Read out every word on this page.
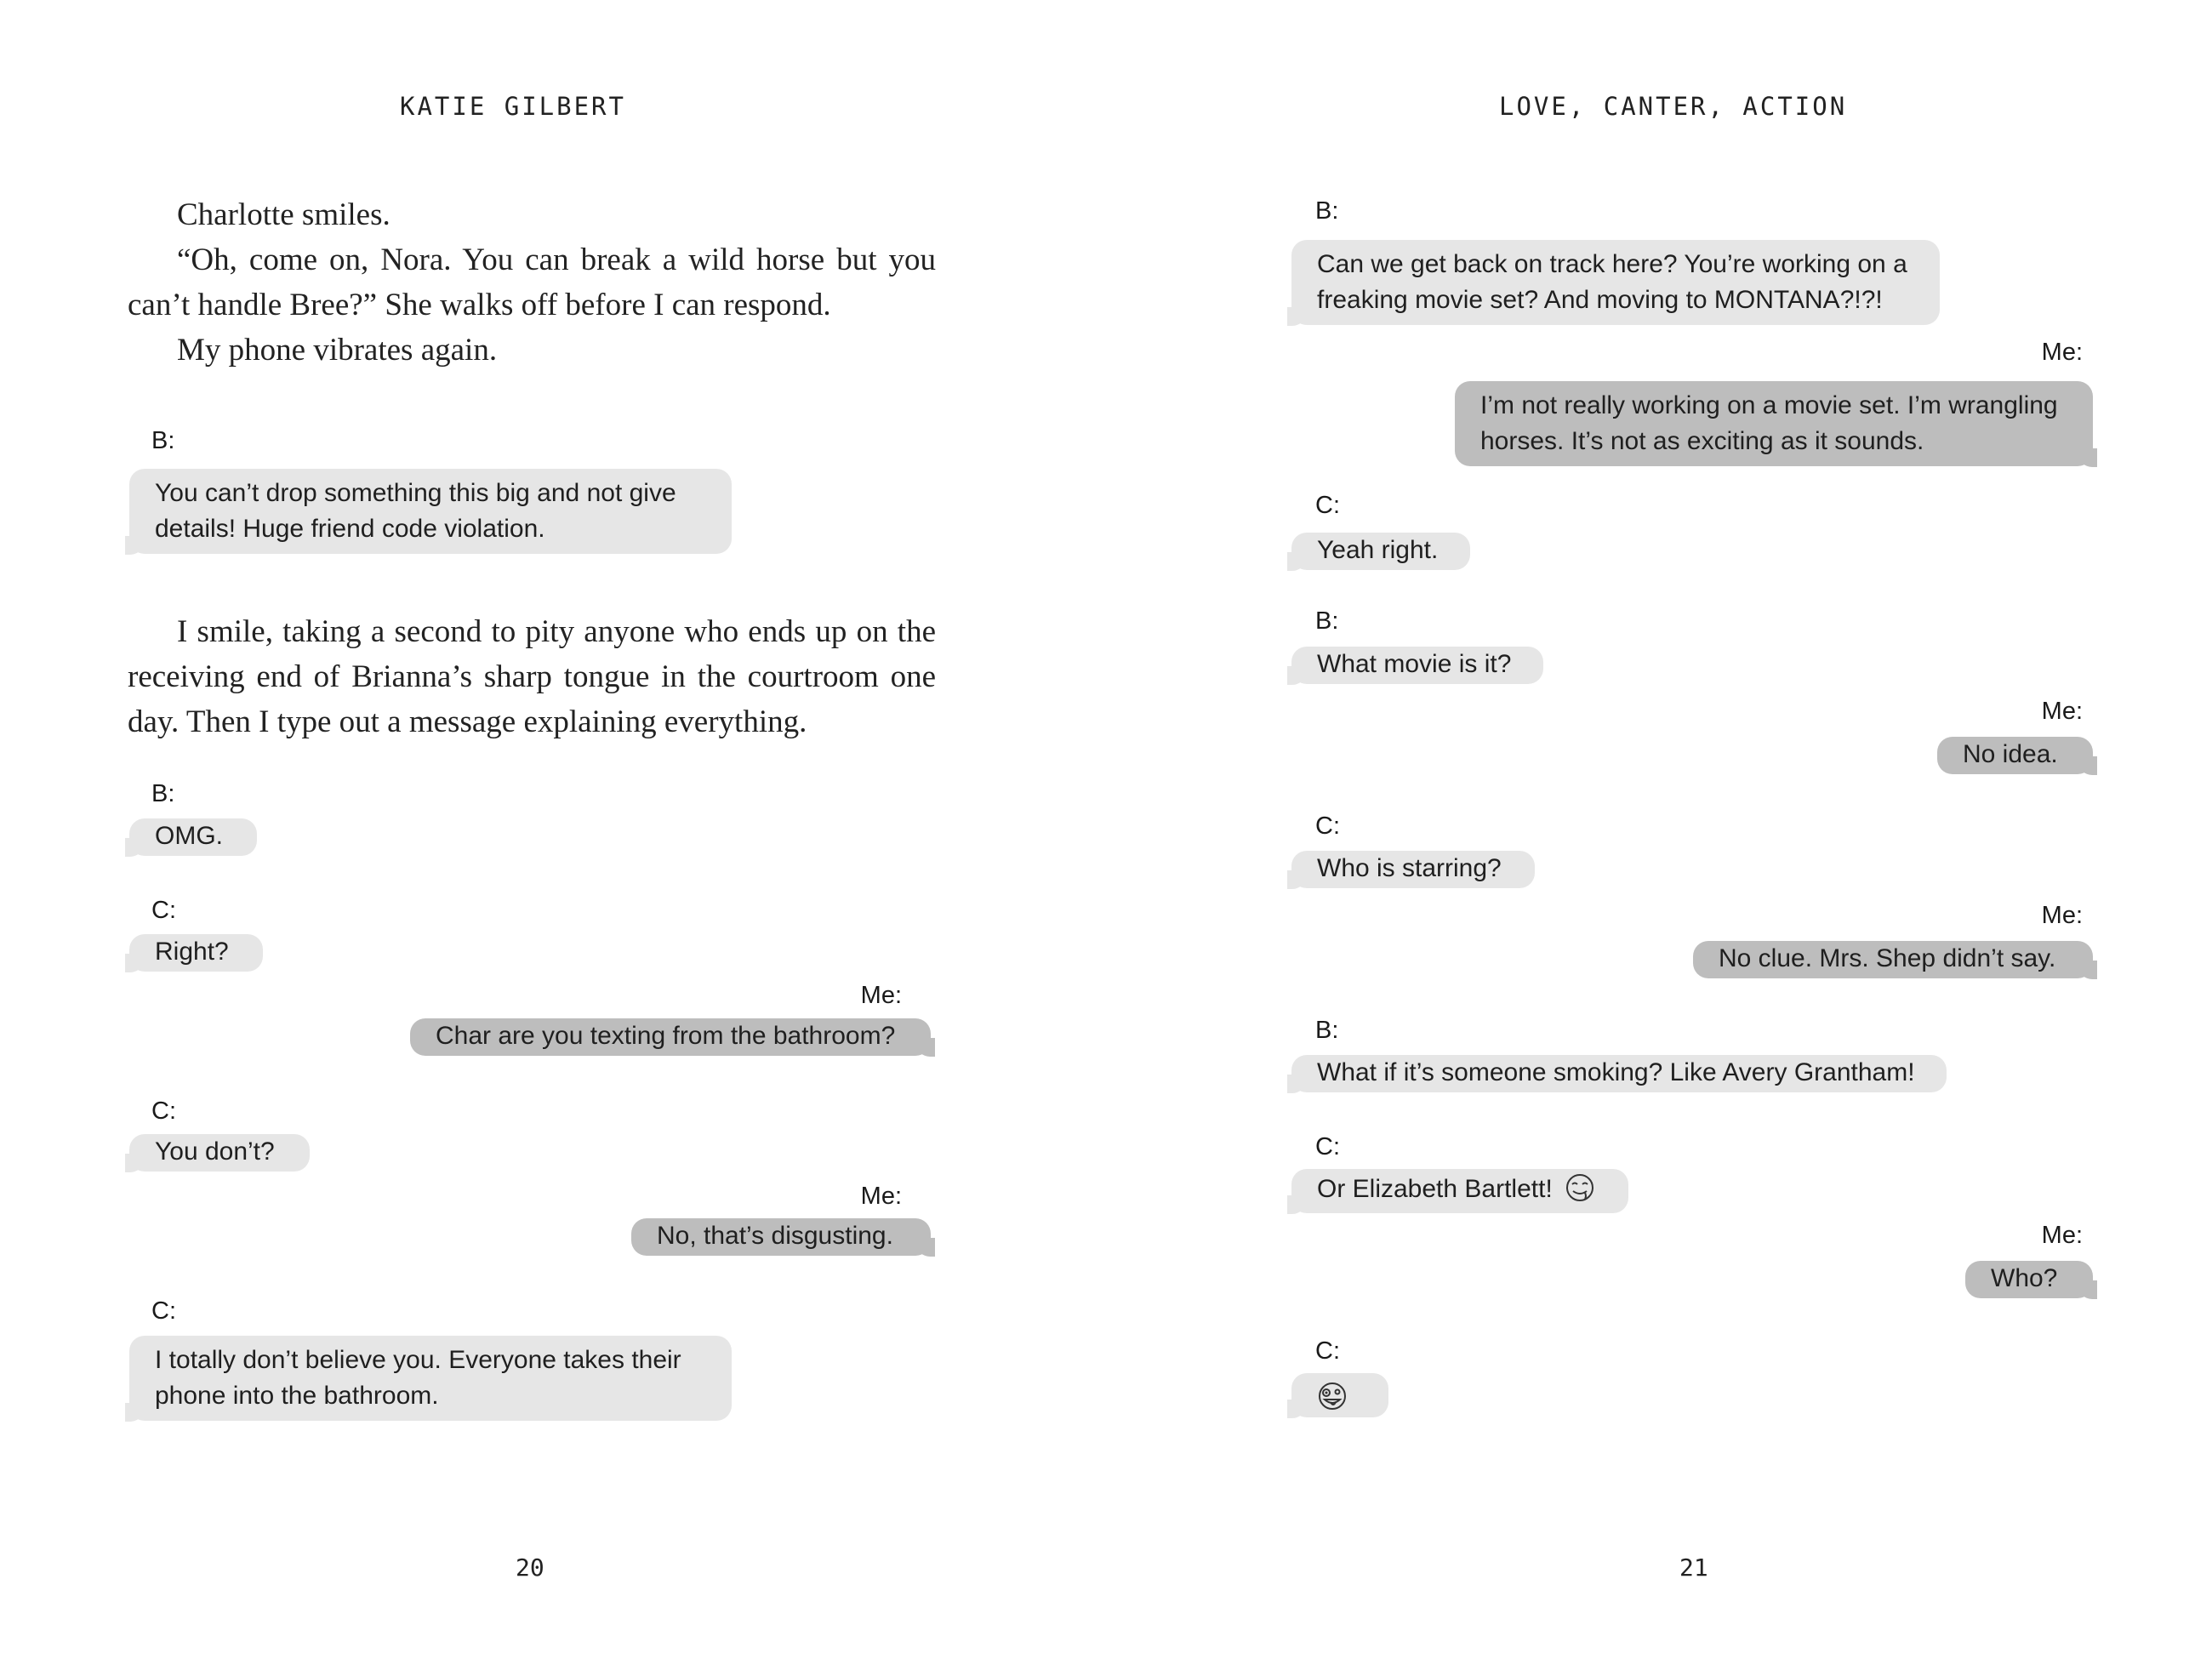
KATIE GILBERT

Charlotte smiles.

“Oh, come on, Nora. You can break a wild horse but you can’t handle Bree?” She walks off before I can respond.

My phone vibrates again.

B:
You can’t drop something this big and not give details! Huge friend code violation.

I smile, taking a second to pity anyone who ends up on the receiving end of Brianna’s sharp tongue in the courtroom one day. Then I type out a message explaining everything.

B:
OMG.
C:
Right?
Me:
Char are you texting from the bathroom?
C:
You don’t?
Me:
No, that’s disgusting.
C:
I totally don’t believe you. Everyone takes their phone into the bathroom.
20
LOVE, CANTER, ACTION
B:
Can we get back on track here? You’re working on a freaking movie set? And moving to MONTANA?!?!
Me:
I’m not really working on a movie set. I’m wrangling horses. It’s not as exciting as it sounds.
C:
Yeah right.
B:
What movie is it?
Me:
No idea.
C:
Who is starring?
Me:
No clue. Mrs. Shep didn’t say.
B:
What if it’s someone smoking? Like Avery Grantham!
C:
Or Elizabeth Bartlett!
Me:
Who?
C:
21
